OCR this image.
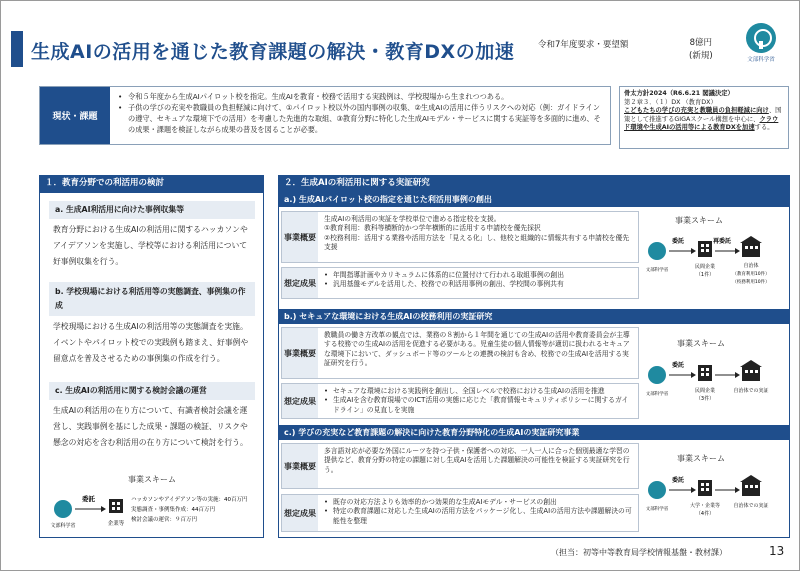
生成AIの活用を通じた教育課題の解決・教育DXの加速	令和7年度要求・要望額	8億円
(新規)	文部科学省
現状・課題
• 令和５年度から生成AIパイロット校を指定。生成AIを教育・校務で活用する実践例は、学校現場から生まれつつある。
• 子供の学びの充実や教職員の負担軽減に向けて、①パイロット校以外の国内事例の収集、②生成AIの活用に伴うリスクへの対応（例：ガイドラインの遵守、セキュアな環境下での活用）を考慮した先進的な取組、③教育分野に特化した生成AIモデル・サービスに関する実証等を多面的に進め、その成果・課題を検証しながら成果の普及を図ることが必要。
骨太方針2024（R6.6.21 閣議決定）
第２章３．（１）DX （教育DX）
こどもたちの学びの充実と教職員の負担軽減に向け、国策として推進するGIGAスクール構想を中心に、クラウド環境や生成AIの活用等による教育DXを加速する。
１．教育分野での利活用の検討
a. 生成AI利活用に向けた事例収集等
教育分野における生成AIの利活用に関するハッカソンやアイデアソンを実施し、学校等における利活用について好事例収集を行う。
b. 学校現場における利活用等の実態調査、事例集の作成
学校現場における生成AIの利活用等の実態調査を実施。イベントやパイロット校での実践例も踏まえ、好事例や留意点を普及させるための事例集の作成を行う。
c. 生成AIの利活用に関する検討会議の運営
生成AIの利活用の在り方について、有識者検討会議を運営し、実践事例を基にした成果・課題の検証、リスクや懸念の対応を含む利活用の在り方について検討を行う。
事業スキーム
文部科学省
委託
企業等
ハッカソンやアイデアソン等の実施：40百万円
実態調査・事例集作成：44百万円
検討会議の運営：９百万円
２．生成AIの利活用に関する実証研究
a.) 生成AIパイロット校の指定を通じた利活用事例の創出
事業概要
生成AIの利活用の実証を学校単位で進める指定校を支援。
①教育利用：教科等横断的かつ学年横断的に活用する申請校を優先採択
②校務利用：活用する業務や活用方法を「見える化」し、他校と組織的に情報共有する申請校を優先支援
想定成果
• 年間指導計画やカリキュラムに体系的に位置付けて行われる取組事例の創出
• 汎用基盤モデルを活用した、校務での利活用事例の創出、学校間の事例共有
事業スキーム
文部科学省
委託
民間企業
（1件）
再委託
自治体
（教育利用10件）
（校務利用10件）
b.) セキュアな環境における生成AIの校務利用の実証研究
事業概要
教職員の働き方改革の観点では、業務の８割から１年間を通じての生成AIの活用や教育委員会が主導する校務での生成AIの活用を促進する必要がある。児童生徒の個人情報等が適切に扱われるセキュアな環境下において、ダッシュボード等のツールとの連携の検討も含め、校務での生成AIを活用する実証研究を行う。
想定成果
• セキュアな環境における実践例を創出し、全国レベルで校務における生成AIの活用を推進
• 生成AIを含む教育現場でのICT活用の実態に応じた「教育情報セキュリティポリシーに関するガイドライン」の見直しを実施
事業スキーム
文部科学省
委託
民間企業
（3件）
自治体での実証
c.) 学びの充実など教育課題の解決に向けた教育分野特化の生成AIの実証研究事業
事業概要
多言語対応が必要な外国にルーツを持つ子供・保護者への対応、一人一人に合った個別最適な学習の提供など、教育分野の特定の課題に対し生成AIを活用した課題解決の可能性を検証する実証研究を行う。
想定成果
• 既存の対応方法よりも効率的かつ効果的な生成AIモデル・サービスの創出
• 特定の教育課題に対応した生成AIの活用方法をパッケージ化し、生成AIの活用方法や課題解決の可能性を整理
事業スキーム
文部科学省
委託
大学・企業等
（4件）
自治体での実証
（担当：初等中等教育局学校情報基盤・教材課）	13
